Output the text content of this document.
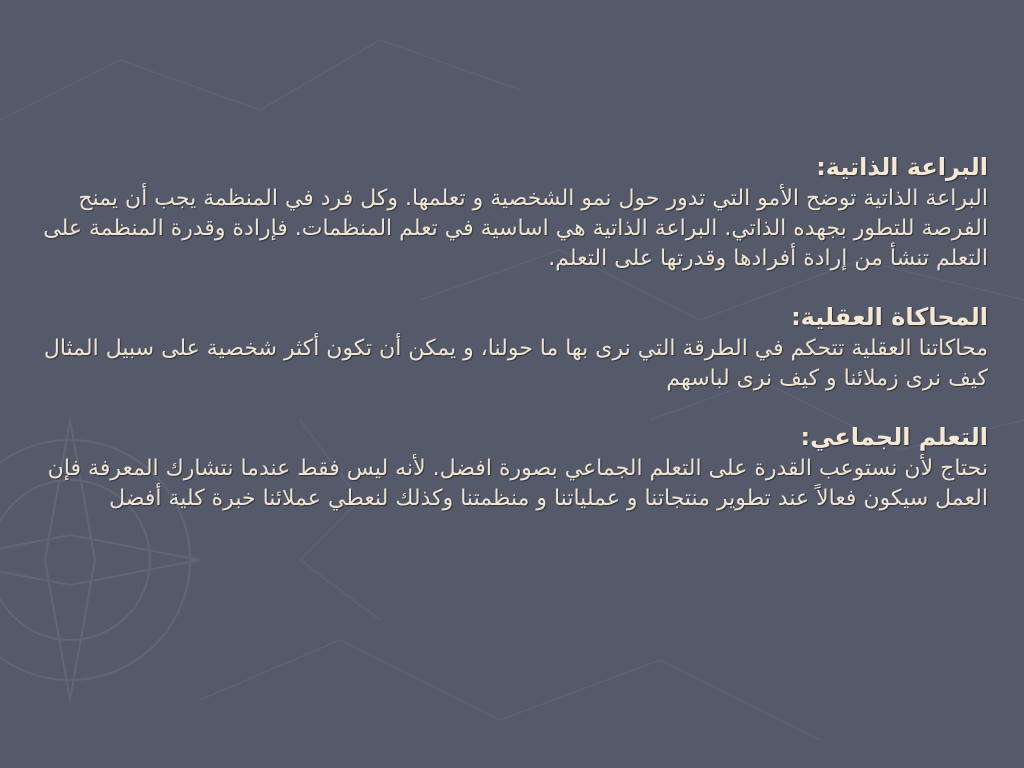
البراعة الذاتية:

البراعة الذاتية توضح الأمو التي تدور حول نمو الشخصية و تعلمها. وكل فرد في المنظمة يجب أن يمنح الفرصة للتطور بجهده الذاتي. البراعة الذاتية هي اساسية في تعلم المنظمات. فإرادة وقدرة المنظمة على التعلم تنشأ من إرادة أفرادها وقدرتها على التعلم.

المحاكاة العقلية:

محاكاتنا العقلية تتحكم في الطرقة التي نرى بها ما حولنا، و يمكن أن تكون أكثر شخصية على سبيل المثال كيف نرى زملائنا و كيف نرى لباسهم

التعلم الجماعي:

نحتاج لأن نستوعب القدرة على التعلم الجماعي بصورة افضل. لأنه ليس فقط عندما نتشارك المعرفة فإن العمل سيكون فعالاً عند تطوير منتجاتنا و عملياتنا و منظمتنا وكذلك لنعطي عملائنا خبرة كلية أفضل
